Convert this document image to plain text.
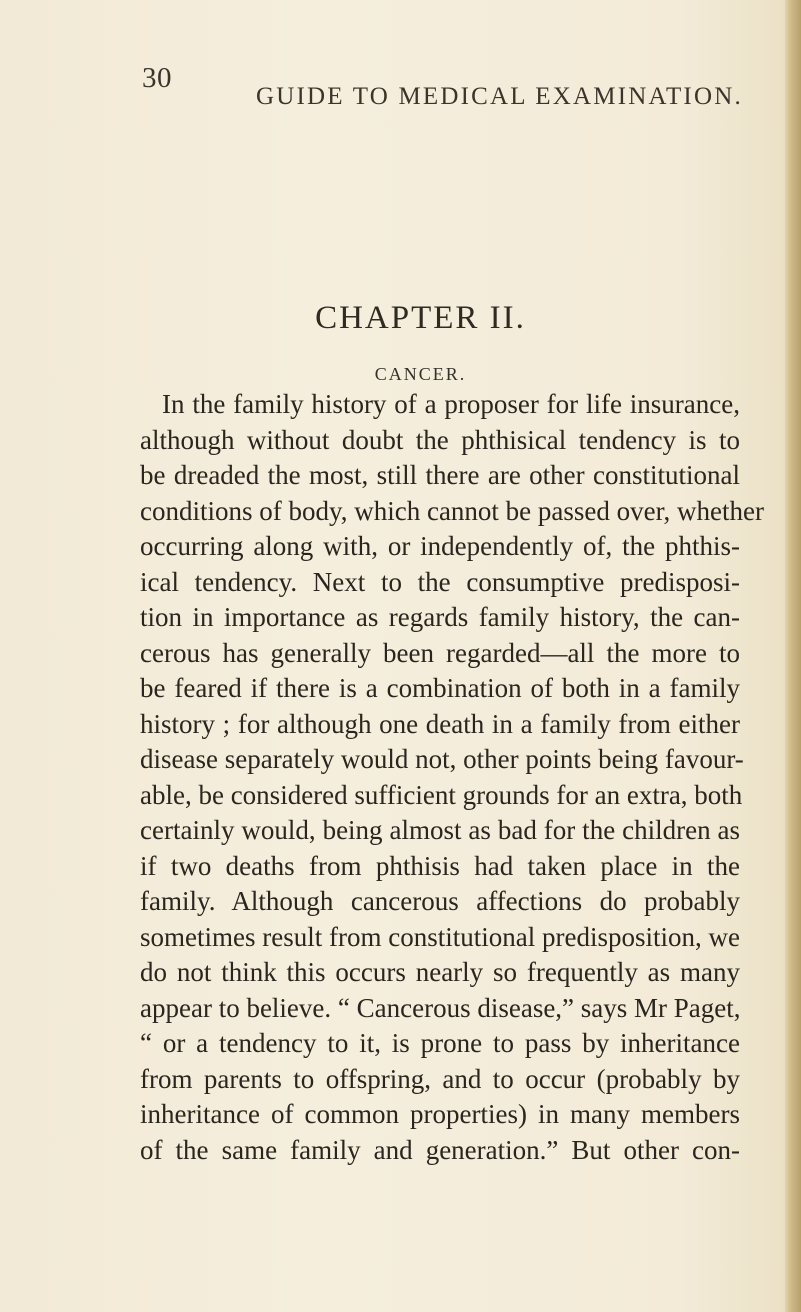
30
GUIDE TO MEDICAL EXAMINATION.
CHAPTER II.
CANCER.
In the family history of a proposer for life insurance,
although without doubt the phthisical tendency is to
be dreaded the most, still there are other constitutional
conditions of body, which cannot be passed over, whether
occurring along with, or independently of, the phthis-
ical tendency. Next to the consumptive predisposi-
tion in importance as regards family history, the can-
cerous has generally been regarded—all the more to
be feared if there is a combination of both in a family
history ; for although one death in a family from either
disease separately would not, other points being favour-
able, be considered sufficient grounds for an extra, both
certainly would, being almost as bad for the children as
if two deaths from phthisis had taken place in the
family. Although cancerous affections do probably
sometimes result from constitutional predisposition, we
do not think this occurs nearly so frequently as many
appear to believe. “ Cancerous disease,” says Mr Paget,
“ or a tendency to it, is prone to pass by inheritance
from parents to offspring, and to occur (probably by
inheritance of common properties) in many members
of the same family and generation.” But other con-
